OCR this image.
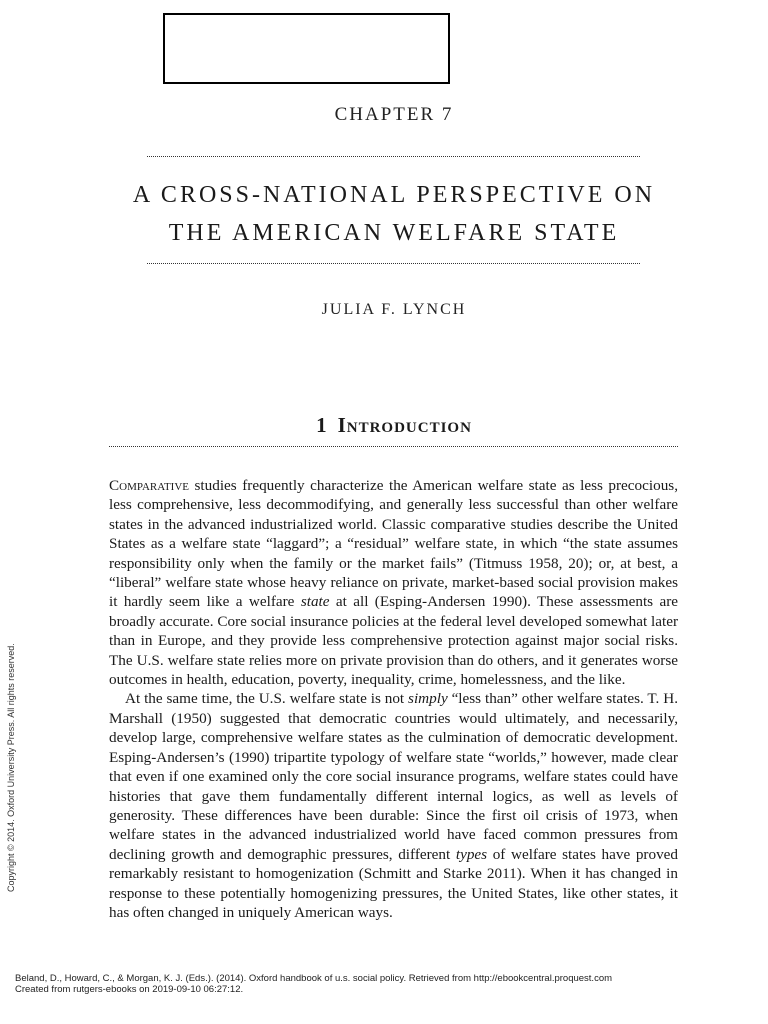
CHAPTER 7
A CROSS-NATIONAL PERSPECTIVE ON
THE AMERICAN WELFARE STATE
JULIA F. LYNCH
1 Introduction

Comparative studies frequently characterize the American welfare state as less precocious, less comprehensive, less decommodifying, and generally less successful than other welfare states in the advanced industrialized world. Classic comparative studies describe the United States as a welfare state “laggard”; a “residual” welfare state, in which “the state assumes responsibility only when the family or the market fails” (Titmuss 1958, 20); or, at best, a “liberal” welfare state whose heavy reliance on private, market-based social provision makes it hardly seem like a welfare state at all (Esping-Andersen 1990). These assessments are broadly accurate. Core social insurance policies at the federal level developed somewhat later than in Europe, and they provide less comprehensive protection against major social risks. The U.S. welfare state relies more on private provision than do others, and it generates worse outcomes in health, education, poverty, inequality, crime, homelessness, and the like.

At the same time, the U.S. welfare state is not simply “less than” other welfare states. T. H. Marshall (1950) suggested that democratic countries would ultimately, and necessarily, develop large, comprehensive welfare states as the culmination of democratic development. Esping-Andersen’s (1990) tripartite typology of welfare state “worlds,” however, made clear that even if one examined only the core social insurance programs, welfare states could have histories that gave them fundamentally different internal logics, as well as levels of generosity. These differences have been durable: Since the first oil crisis of 1973, when welfare states in the advanced industrialized world have faced common pressures from declining growth and demographic pressures, different types of welfare states have proved remarkably resistant to homogenization (Schmitt and Starke 2011). When it has changed in response to these potentially homogenizing pressures, the United States, like other states, it has often changed in uniquely American ways.

Copyright © 2014. Oxford University Press. All rights reserved.
Beland, D., Howard, C., & Morgan, K. J. (Eds.). (2014). Oxford handbook of u.s. social policy. Retrieved from http://ebookcentral.proquest.com
Created from rutgers-ebooks on 2019-09-10 06:27:12.
